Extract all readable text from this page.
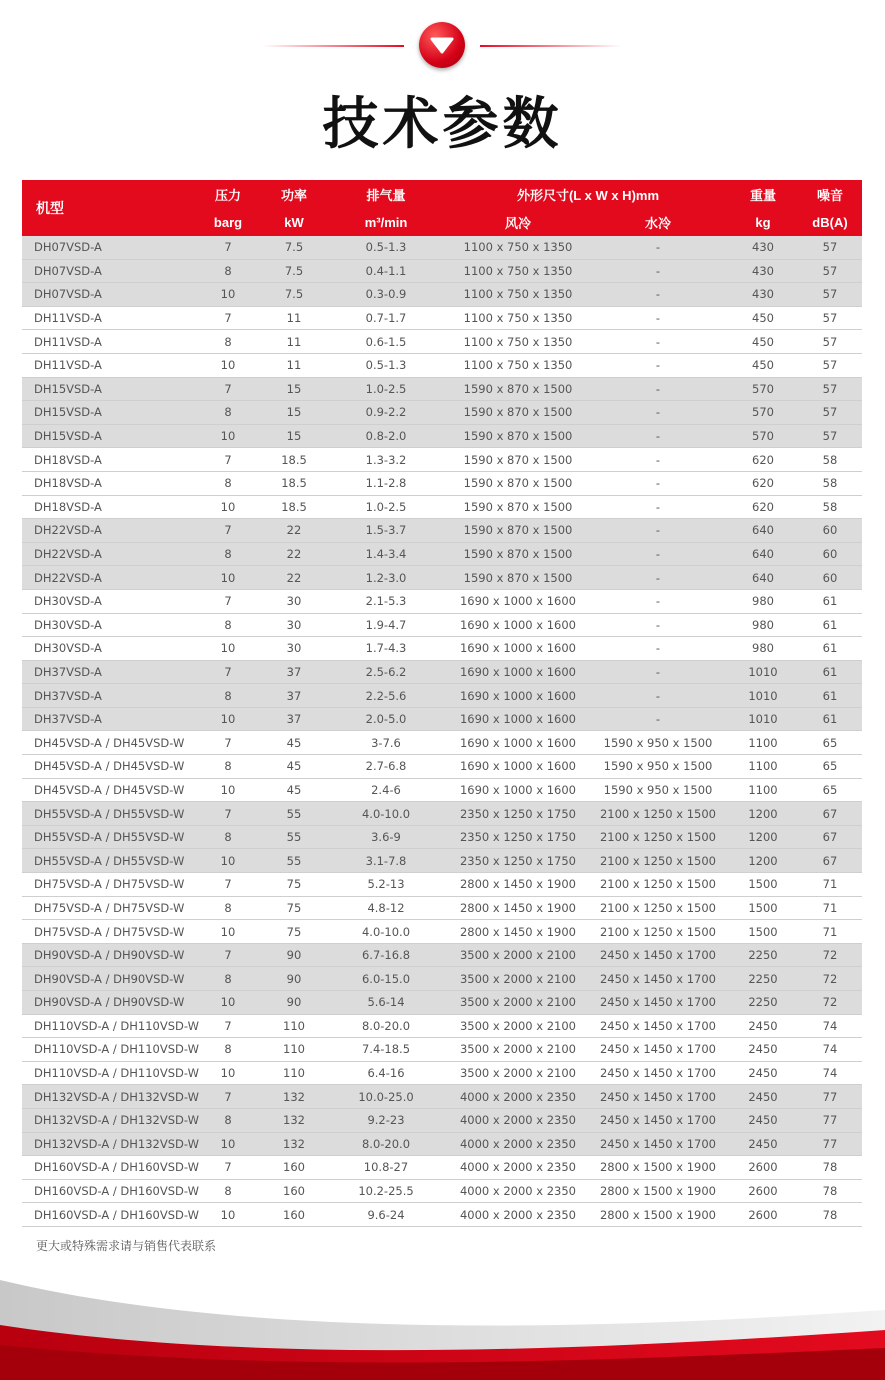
技术参数
机型	压力	功率	排气量	外形尺寸(L x W x H)mm		重量	噪音
	barg	kW	m³/min	风冷	水冷	kg	dB(A)
DH07VSD-A	7	7.5	0.5-1.3	1100 x 750 x 1350	-	430	57
DH07VSD-A	8	7.5	0.4-1.1	1100 x 750 x 1350	-	430	57
DH07VSD-A	10	7.5	0.3-0.9	1100 x 750 x 1350	-	430	57
DH11VSD-A	7	11	0.7-1.7	1100 x 750 x 1350	-	450	57
DH11VSD-A	8	11	0.6-1.5	1100 x 750 x 1350	-	450	57
DH11VSD-A	10	11	0.5-1.3	1100 x 750 x 1350	-	450	57
DH15VSD-A	7	15	1.0-2.5	1590 x 870 x 1500	-	570	57
DH15VSD-A	8	15	0.9-2.2	1590 x 870 x 1500	-	570	57
DH15VSD-A	10	15	0.8-2.0	1590 x 870 x 1500	-	570	57
DH18VSD-A	7	18.5	1.3-3.2	1590 x 870 x 1500	-	620	58
DH18VSD-A	8	18.5	1.1-2.8	1590 x 870 x 1500	-	620	58
DH18VSD-A	10	18.5	1.0-2.5	1590 x 870 x 1500	-	620	58
DH22VSD-A	7	22	1.5-3.7	1590 x 870 x 1500	-	640	60
DH22VSD-A	8	22	1.4-3.4	1590 x 870 x 1500	-	640	60
DH22VSD-A	10	22	1.2-3.0	1590 x 870 x 1500	-	640	60
DH30VSD-A	7	30	2.1-5.3	1690 x 1000 x 1600	-	980	61
DH30VSD-A	8	30	1.9-4.7	1690 x 1000 x 1600	-	980	61
DH30VSD-A	10	30	1.7-4.3	1690 x 1000 x 1600	-	980	61
DH37VSD-A	7	37	2.5-6.2	1690 x 1000 x 1600	-	1010	61
DH37VSD-A	8	37	2.2-5.6	1690 x 1000 x 1600	-	1010	61
DH37VSD-A	10	37	2.0-5.0	1690 x 1000 x 1600	-	1010	61
DH45VSD-A / DH45VSD-W	7	45	3-7.6	1690 x 1000 x 1600	1590 x 950 x 1500	1100	65
DH45VSD-A / DH45VSD-W	8	45	2.7-6.8	1690 x 1000 x 1600	1590 x 950 x 1500	1100	65
DH45VSD-A / DH45VSD-W	10	45	2.4-6	1690 x 1000 x 1600	1590 x 950 x 1500	1100	65
DH55VSD-A / DH55VSD-W	7	55	4.0-10.0	2350 x 1250 x 1750	2100 x 1250 x 1500	1200	67
DH55VSD-A / DH55VSD-W	8	55	3.6-9	2350 x 1250 x 1750	2100 x 1250 x 1500	1200	67
DH55VSD-A / DH55VSD-W	10	55	3.1-7.8	2350 x 1250 x 1750	2100 x 1250 x 1500	1200	67
DH75VSD-A / DH75VSD-W	7	75	5.2-13	2800 x 1450 x 1900	2100 x 1250 x 1500	1500	71
DH75VSD-A / DH75VSD-W	8	75	4.8-12	2800 x 1450 x 1900	2100 x 1250 x 1500	1500	71
DH75VSD-A / DH75VSD-W	10	75	4.0-10.0	2800 x 1450 x 1900	2100 x 1250 x 1500	1500	71
DH90VSD-A / DH90VSD-W	7	90	6.7-16.8	3500 x 2000 x 2100	2450 x 1450 x 1700	2250	72
DH90VSD-A / DH90VSD-W	8	90	6.0-15.0	3500 x 2000 x 2100	2450 x 1450 x 1700	2250	72
DH90VSD-A / DH90VSD-W	10	90	5.6-14	3500 x 2000 x 2100	2450 x 1450 x 1700	2250	72
DH110VSD-A / DH110VSD-W	7	110	8.0-20.0	3500 x 2000 x 2100	2450 x 1450 x 1700	2450	74
DH110VSD-A / DH110VSD-W	8	110	7.4-18.5	3500 x 2000 x 2100	2450 x 1450 x 1700	2450	74
DH110VSD-A / DH110VSD-W	10	110	6.4-16	3500 x 2000 x 2100	2450 x 1450 x 1700	2450	74
DH132VSD-A / DH132VSD-W	7	132	10.0-25.0	4000 x 2000 x 2350	2450 x 1450 x 1700	2450	77
DH132VSD-A / DH132VSD-W	8	132	9.2-23	4000 x 2000 x 2350	2450 x 1450 x 1700	2450	77
DH132VSD-A / DH132VSD-W	10	132	8.0-20.0	4000 x 2000 x 2350	2450 x 1450 x 1700	2450	77
DH160VSD-A / DH160VSD-W	7	160	10.8-27	4000 x 2000 x 2350	2800 x 1500 x 1900	2600	78
DH160VSD-A / DH160VSD-W	8	160	10.2-25.5	4000 x 2000 x 2350	2800 x 1500 x 1900	2600	78
DH160VSD-A / DH160VSD-W	10	160	9.6-24	4000 x 2000 x 2350	2800 x 1500 x 1900	2600	78
更大或特殊需求请与销售代表联系
